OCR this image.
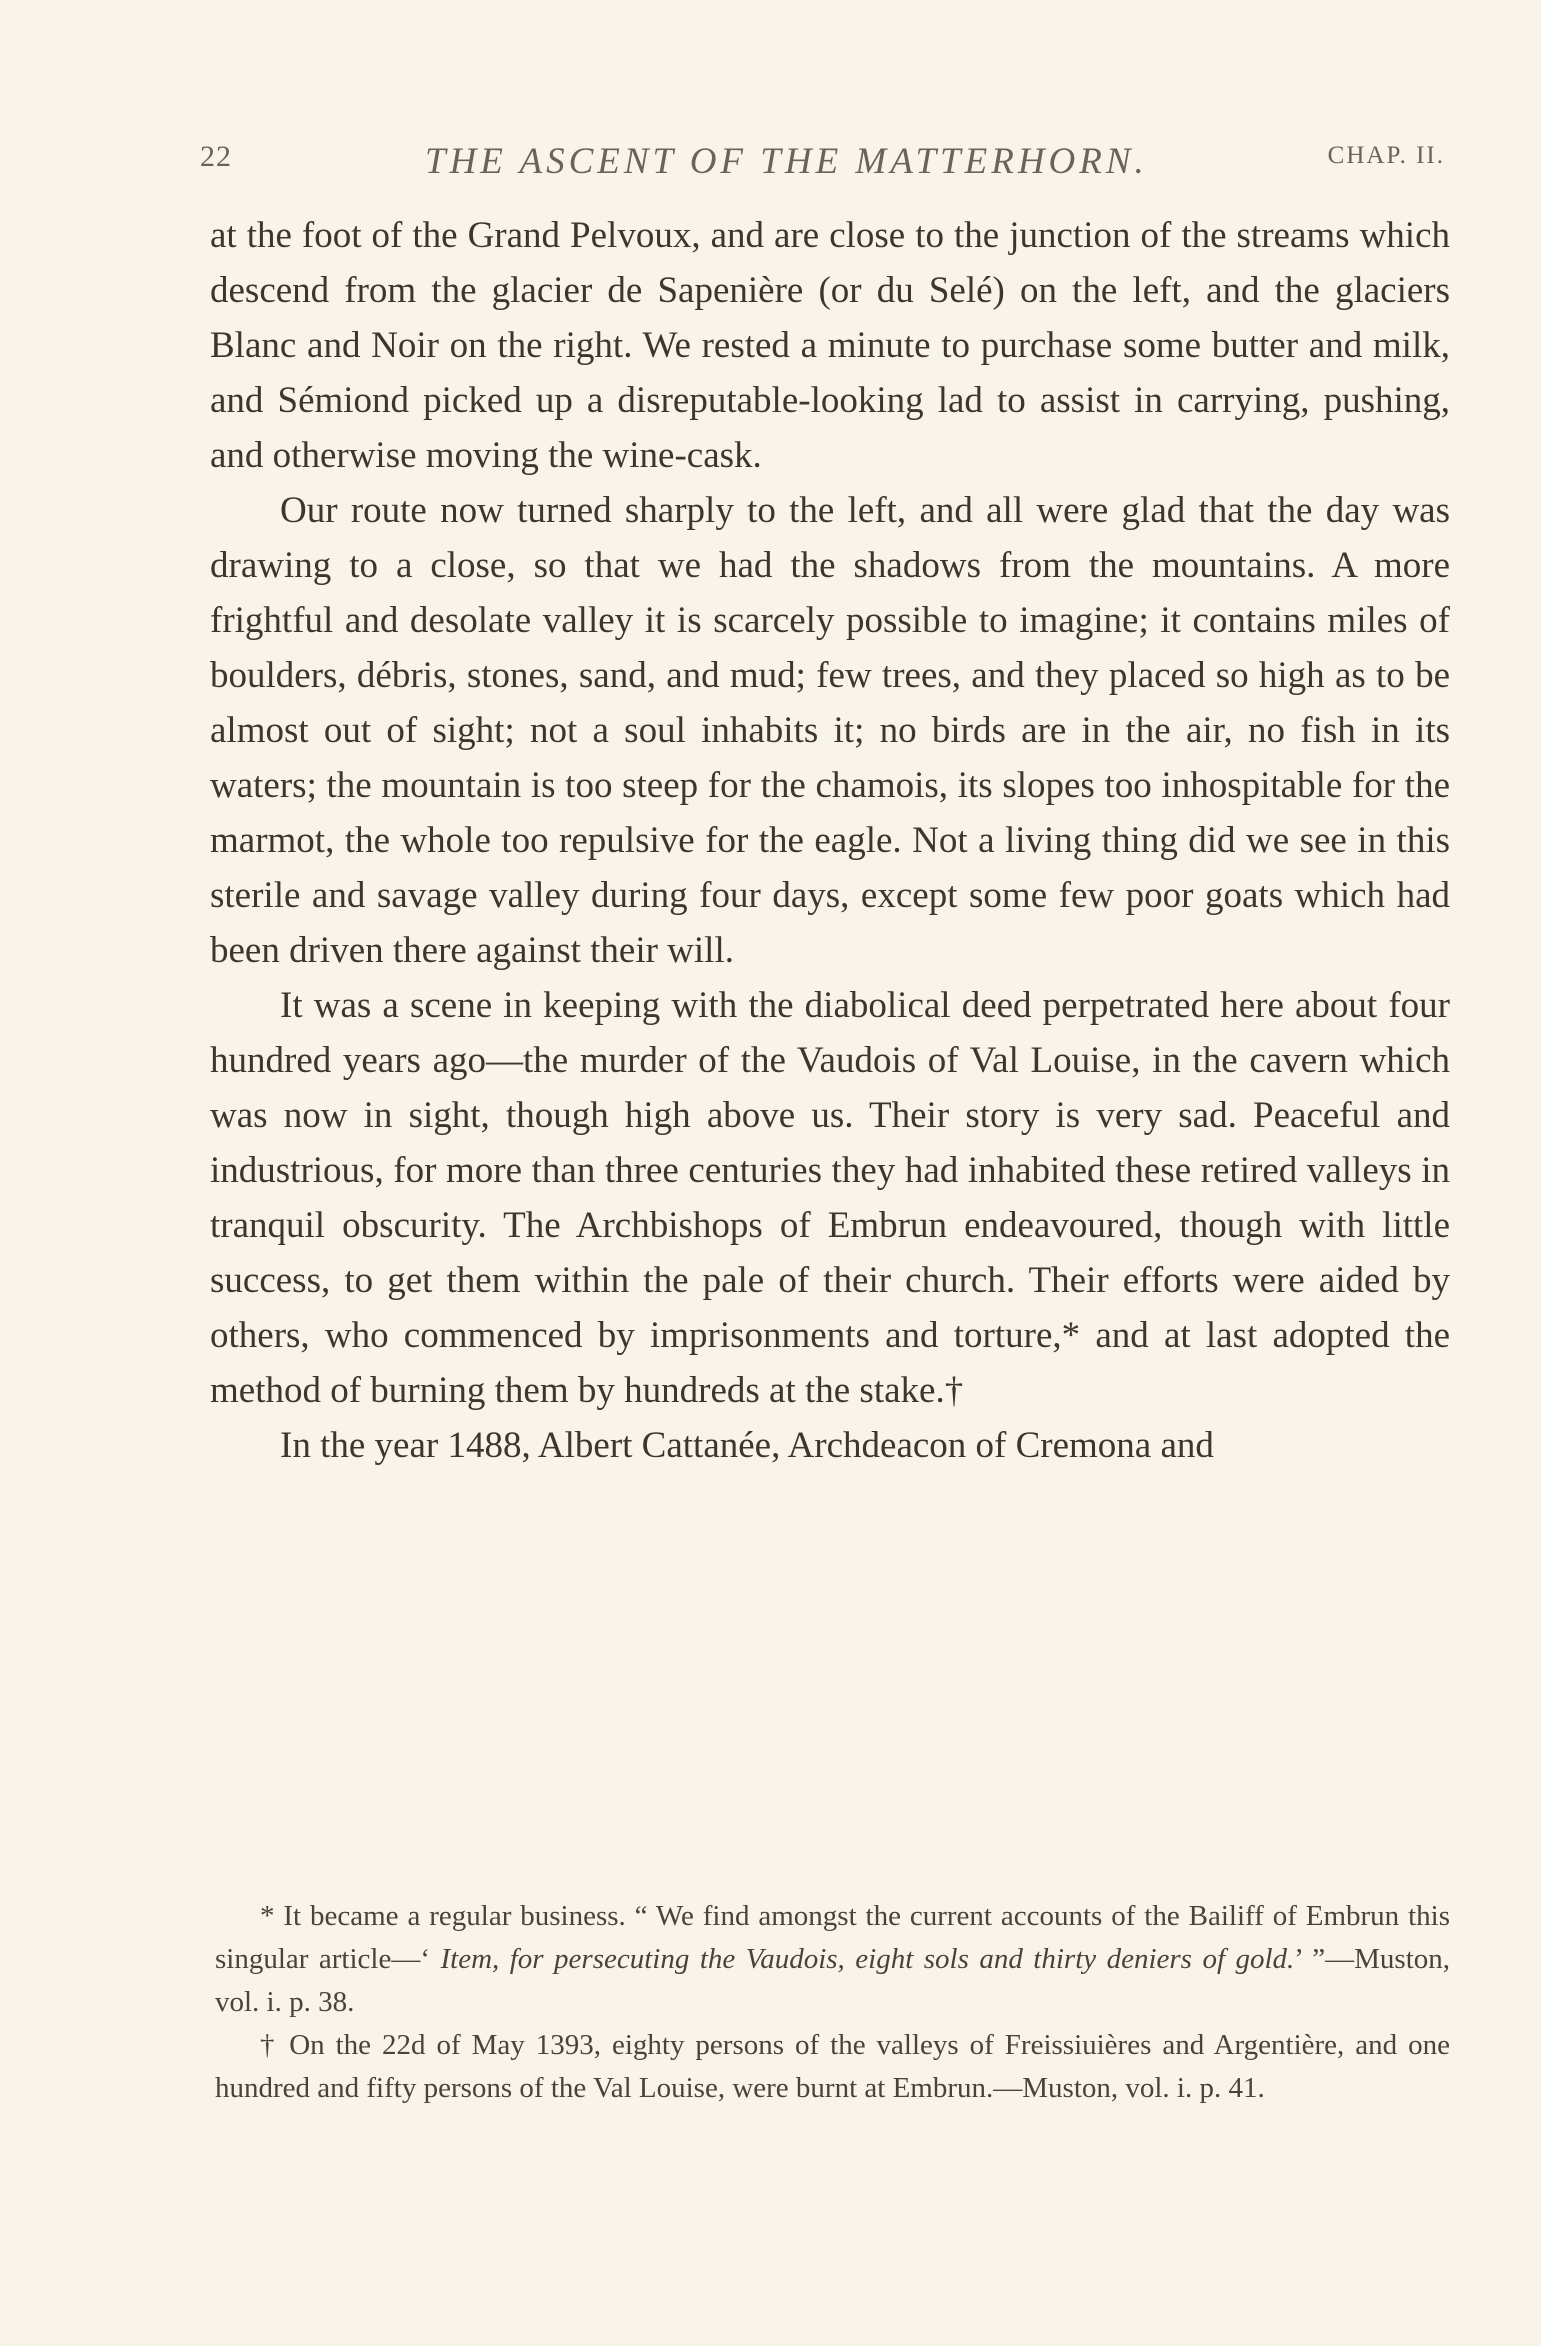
22	THE ASCENT OF THE MATTERHORN.	CHAP. II.

at the foot of the Grand Pelvoux, and are close to the junction of the streams which descend from the glacier de Sapenière (or du Selé) on the left, and the glaciers Blanc and Noir on the right. We rested a minute to purchase some butter and milk, and Sémiond picked up a disreputable-looking lad to assist in carrying, pushing, and otherwise moving the wine-cask.

Our route now turned sharply to the left, and all were glad that the day was drawing to a close, so that we had the shadows from the mountains. A more frightful and desolate valley it is scarcely possible to imagine; it contains miles of boulders, débris, stones, sand, and mud; few trees, and they placed so high as to be almost out of sight; not a soul inhabits it; no birds are in the air, no fish in its waters; the mountain is too steep for the chamois, its slopes too inhospitable for the marmot, the whole too repulsive for the eagle. Not a living thing did we see in this sterile and savage valley during four days, except some few poor goats which had been driven there against their will.

It was a scene in keeping with the diabolical deed perpetrated here about four hundred years ago—the murder of the Vaudois of Val Louise, in the cavern which was now in sight, though high above us. Their story is very sad. Peaceful and industrious, for more than three centuries they had inhabited these retired valleys in tranquil obscurity. The Archbishops of Embrun endeavoured, though with little success, to get them within the pale of their church. Their efforts were aided by others, who commenced by imprisonments and torture,* and at last adopted the method of burning them by hundreds at the stake.†

In the year 1488, Albert Cattanée, Archdeacon of Cremona and

* It became a regular business. “ We find amongst the current accounts of the Bailiff of Embrun this singular article—‘ Item, for persecuting the Vaudois, eight sols and thirty deniers of gold.’ ”—Muston, vol. i. p. 38.

† On the 22d of May 1393, eighty persons of the valleys of Freissiuières and Argentière, and one hundred and fifty persons of the Val Louise, were burnt at Embrun.—Muston, vol. i. p. 41.
